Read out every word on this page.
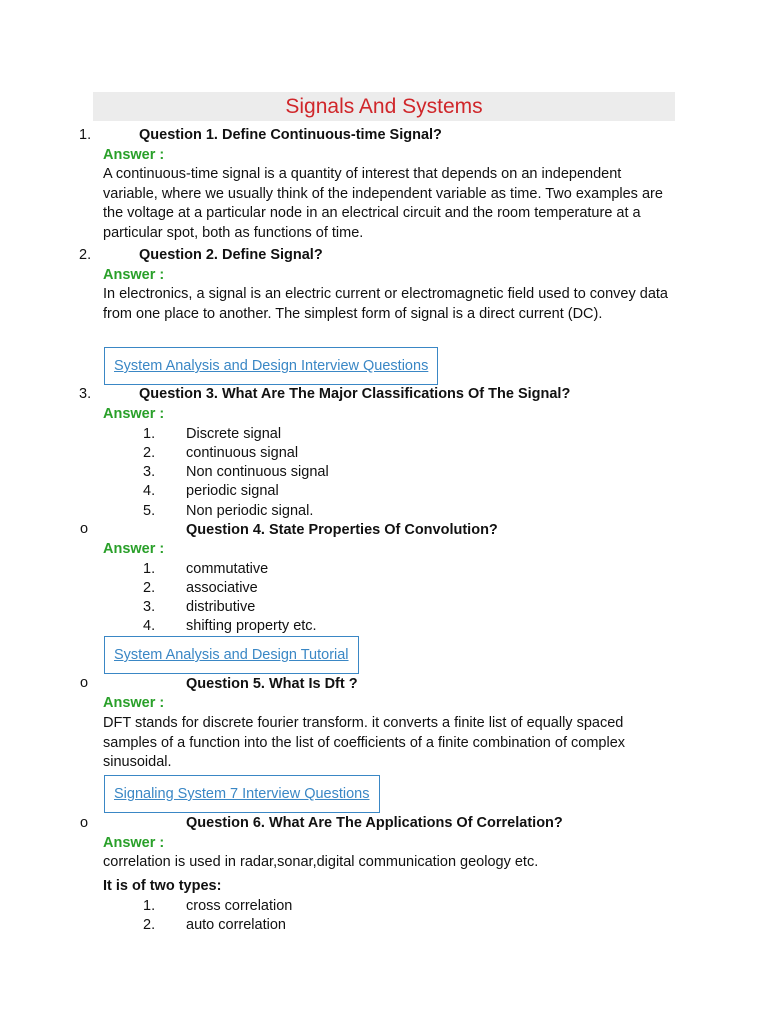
Signals And Systems
1.	Question 1. Define Continuous-time Signal?
Answer :
A continuous-time signal is a quantity of interest that depends on an independent variable, where we usually think of the independent variable as time. Two examples are the voltage at a particular node in an electrical circuit and the room temperature at a particular spot, both as functions of time.
2.	Question 2. Define Signal?
Answer :
In electronics, a signal is an electric current or electromagnetic field used to convey data from one place to another. The simplest form of signal is a direct current (DC).
System Analysis and Design Interview Questions
3.	Question 3. What Are The Major Classifications Of The Signal?
Answer :
1. Discrete signal
2. continuous signal
3. Non continuous signal
4. periodic signal
5. Non periodic signal.
o	Question 4. State Properties Of Convolution?
Answer :
1. commutative
2. associative
3. distributive
4. shifting property etc.
System Analysis and Design Tutorial
o	Question 5. What Is Dft ?
Answer :
DFT stands for discrete fourier transform. it converts a finite list of equally spaced samples of a function into the list of coefficients of a finite combination of complex sinusoidal.
Signaling System 7 Interview Questions
o	Question 6. What Are The Applications Of Correlation?
Answer :
correlation is used in radar,sonar,digital communication geology etc.
It is of two types:
1. cross correlation
2. auto correlation
